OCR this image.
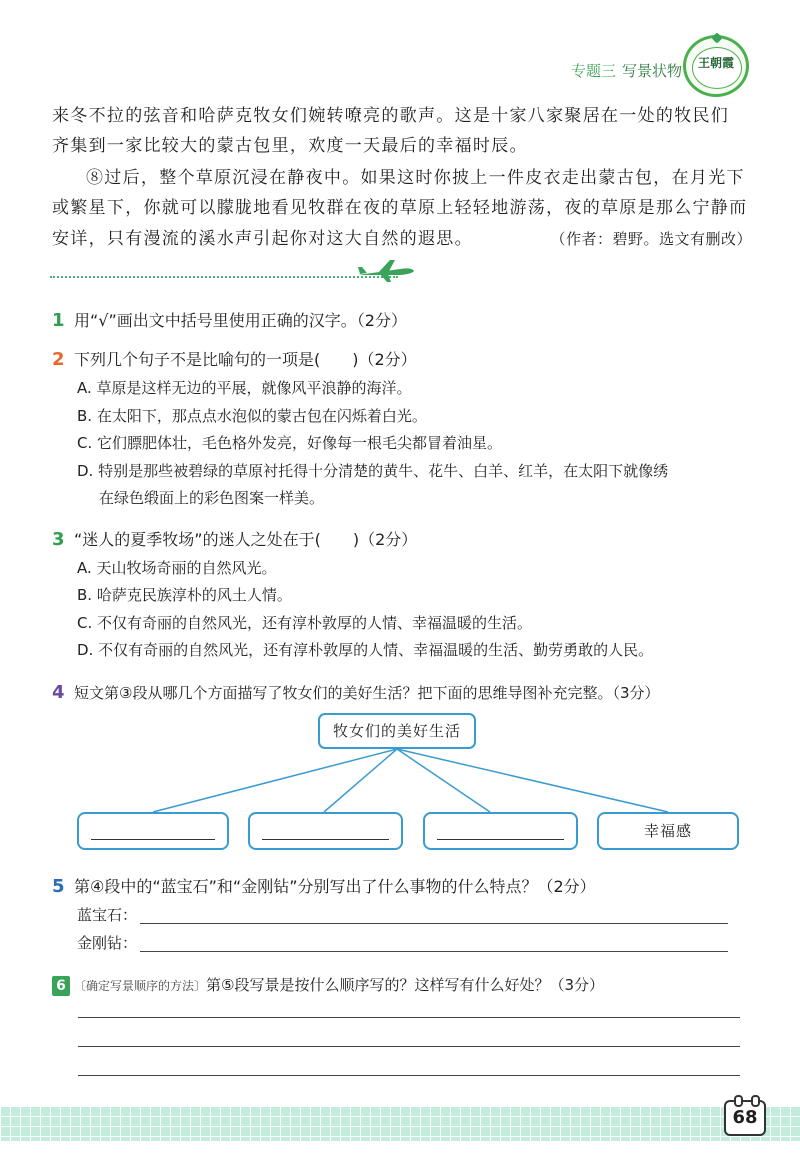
专题三 写景状物	王朝霞
来冬不拉的弦音和哈萨克牧女们婉转嘹亮的歌声。这是十家八家聚居在一处的牧民们
齐集到一家比较大的蒙古包里，欢度一天最后的幸福时辰。
⑧过后，整个草原沉浸在静夜中。如果这时你披上一件皮衣走出蒙古包，在月光下
或繁星下，你就可以朦胧地看见牧群在夜的草原上轻轻地游荡，夜的草原是那么宁静而
安详，只有漫流的溪水声引起你对这大自然的遐思。	（作者：碧野。选文有删改）
1 用“√”画出文中括号里使用正确的汉字。（2分）
2 下列几个句子不是比喻句的一项是(　　)（2分）
A. 草原是这样无边的平展，就像风平浪静的海洋。
B. 在太阳下，那点点水泡似的蒙古包在闪烁着白光。
C. 它们膘肥体壮，毛色格外发亮，好像每一根毛尖都冒着油星。
D. 特别是那些被碧绿的草原衬托得十分清楚的黄牛、花牛、白羊、红羊，在太阳下就像绣
在绿色缎面上的彩色图案一样美。
3 “迷人的夏季牧场”的迷人之处在于(　　)（2分）
A. 天山牧场奇丽的自然风光。
B. 哈萨克民族淳朴的风土人情。
C. 不仅有奇丽的自然风光，还有淳朴敦厚的人情、幸福温暖的生活。
D. 不仅有奇丽的自然风光，还有淳朴敦厚的人情、幸福温暖的生活、勤劳勇敢的人民。
4 短文第③段从哪几个方面描写了牧女们的美好生活？把下面的思维导图补充完整。（3分）
牧女们的美好生活
幸福感
5 第④段中的“蓝宝石”和“金刚钻”分别写出了什么事物的什么特点？（2分）
蓝宝石：
金刚钻：
6 〔确定写景顺序的方法〕第⑤段写景是按什么顺序写的？这样写有什么好处？（3分）
68
